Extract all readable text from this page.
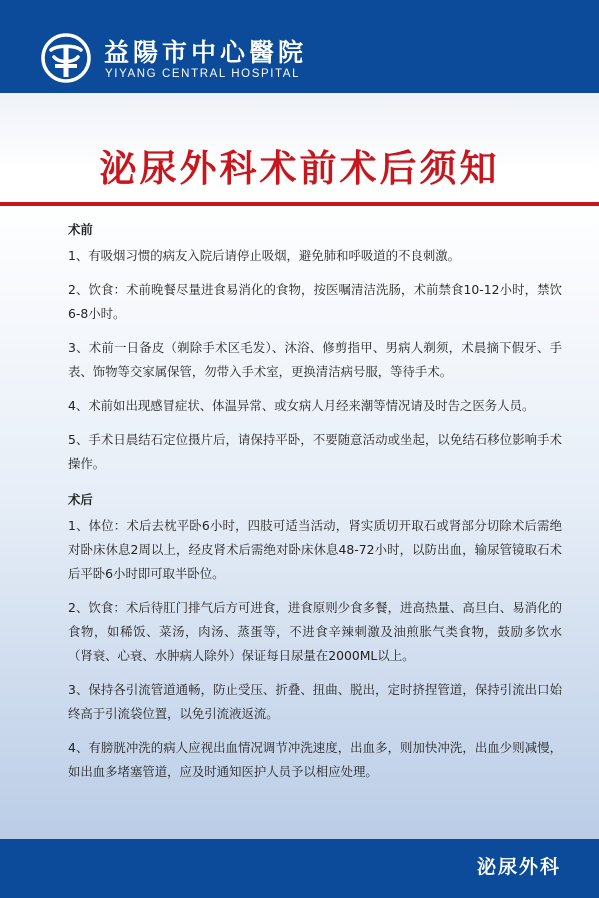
益陽市中心醫院
YIYANG CENTRAL HOSPITAL
泌尿外科术前术后须知
术前
1、有吸烟习惯的病友入院后请停止吸烟，避免肺和呼吸道的不良刺激。
2、饮食：术前晚餐尽量进食易消化的食物，按医嘱清洁洗肠，术前禁食10-12小时，禁饮6-8小时。
3、术前一日备皮（剃除手术区毛发）、沐浴、修剪指甲、男病人剃须，术晨摘下假牙、手表、饰物等交家属保管，勿带入手术室，更换清洁病号服，等待手术。
4、术前如出现感冒症状、体温异常、或女病人月经来潮等情况请及时告之医务人员。
5、手术日晨结石定位摄片后，请保持平卧，不要随意活动或坐起，以免结石移位影响手术操作。
术后
1、体位：术后去枕平卧6小时，四肢可适当活动，肾实质切开取石或肾部分切除术后需绝对卧床休息2周以上，经皮肾术后需绝对卧床休息48-72小时，以防出血，输尿管镜取石术后平卧6小时即可取半卧位。
2、饮食：术后待肛门排气后方可进食，进食原则少食多餐，进高热量、高旦白、易消化的食物，如稀饭、菜汤，肉汤、蒸蛋等，不进食辛辣刺激及油煎胀气类食物，鼓励多饮水（肾衰、心衰、水肿病人除外）保证每日尿量在2000ML以上。
3、保持各引流管道通畅，防止受压、折叠、扭曲、脱出，定时挤捏管道，保持引流出口始终高于引流袋位置，以免引流液返流。
4、有膀胱冲洗的病人应视出血情况调节冲洗速度，出血多，则加快冲洗，出血少则减慢，如出血多堵塞管道，应及时通知医护人员予以相应处理。
泌尿外科
